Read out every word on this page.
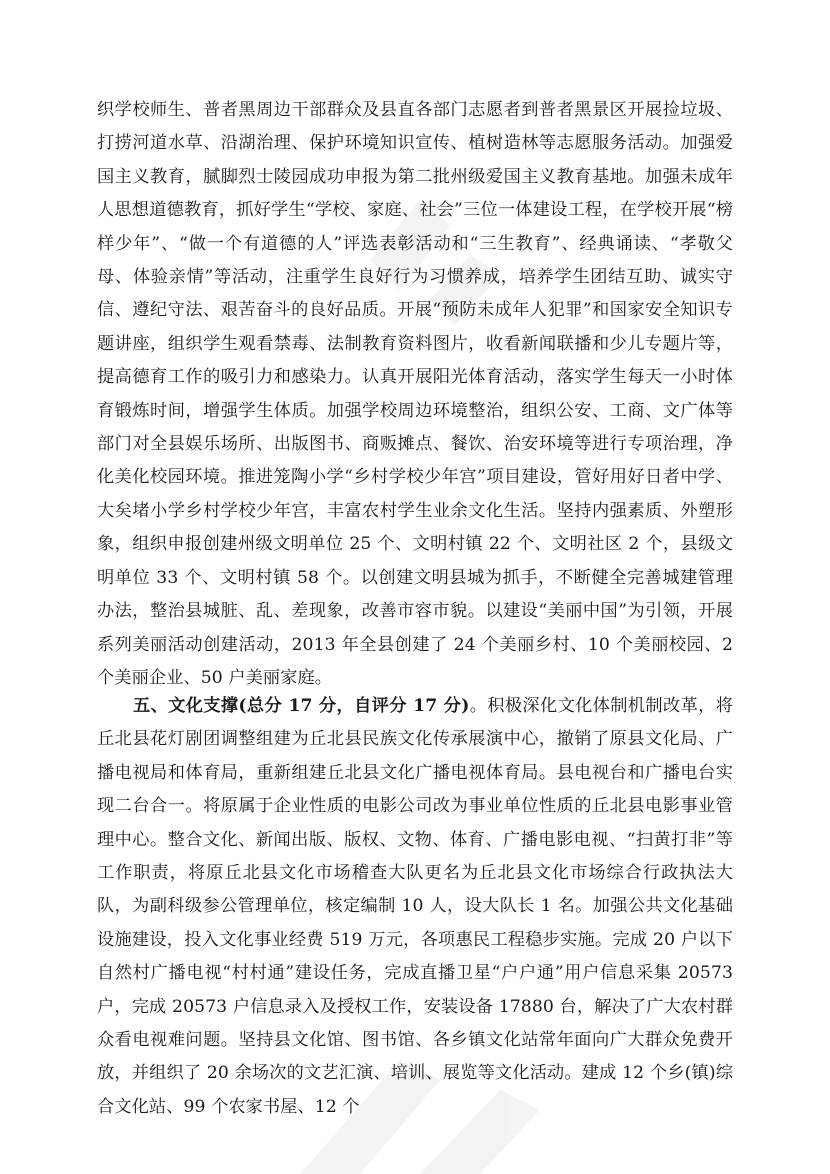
织学校师生、普者黑周边干部群众及县直各部门志愿者到普者黑景区开展捡垃圾、打捞河道水草、沿湖治理、保护环境知识宣传、植树造林等志愿服务活动。加强爱国主义教育，腻脚烈士陵园成功申报为第二批州级爱国主义教育基地。加强未成年人思想道德教育，抓好学生“学校、家庭、社会”三位一体建设工程，在学校开展“榜样少年”、“做一个有道德的人”评选表彰活动和“三生教育”、经典诵读、“孝敬父母、体验亲情”等活动，注重学生良好行为习惯养成，培养学生团结互助、诚实守信、遵纪守法、艰苦奋斗的良好品质。开展“预防未成年人犯罪”和国家安全知识专题讲座，组织学生观看禁毒、法制教育资料图片，收看新闻联播和少儿专题片等，提高德育工作的吸引力和感染力。认真开展阳光体育活动，落实学生每天一小时体育锻炼时间，增强学生体质。加强学校周边环境整治，组织公安、工商、文广体等部门对全县娱乐场所、出版图书、商贩摊点、餐饮、治安环境等进行专项治理，净化美化校园环境。推进笼陶小学“乡村学校少年宫”项目建设，管好用好日者中学、大矣堵小学乡村学校少年宫，丰富农村学生业余文化生活。坚持内强素质、外塑形象，组织申报创建州级文明单位 25 个、文明村镇 22 个、文明社区 2 个，县级文明单位 33 个、文明村镇 58 个。以创建文明县城为抓手，不断健全完善城建管理办法，整治县城脏、乱、差现象，改善市容市貌。以建设“美丽中国”为引领，开展系列美丽活动创建活动，2013 年全县创建了 24 个美丽乡村、10 个美丽校园、2 个美丽企业、50 户美丽家庭。

五、文化支撑(总分 17 分，自评分 17 分)。积极深化文化体制机制改革，将丘北县花灯剧团调整组建为丘北县民族文化传承展演中心，撤销了原县文化局、广播电视局和体育局，重新组建丘北县文化广播电视体育局。县电视台和广播电台实现二台合一。将原属于企业性质的电影公司改为事业单位性质的丘北县电影事业管理中心。整合文化、新闻出版、版权、文物、体育、广播电影电视、“扫黄打非”等工作职责，将原丘北县文化市场稽查大队更名为丘北县文化市场综合行政执法大队，为副科级参公管理单位，核定编制 10 人，设大队长 1 名。加强公共文化基础设施建设，投入文化事业经费 519 万元，各项惠民工程稳步实施。完成 20 户以下自然村广播电视“村村通”建设任务，完成直播卫星“户户通”用户信息采集 20573 户，完成 20573 户信息录入及授权工作，安装设备 17880 台，解决了广大农村群众看电视难问题。坚持县文化馆、图书馆、各乡镇文化站常年面向广大群众免费开放，并组织了 20 余场次的文艺汇演、培训、展览等文化活动。建成 12 个乡(镇)综合文化站、99 个农家书屋、12 个
